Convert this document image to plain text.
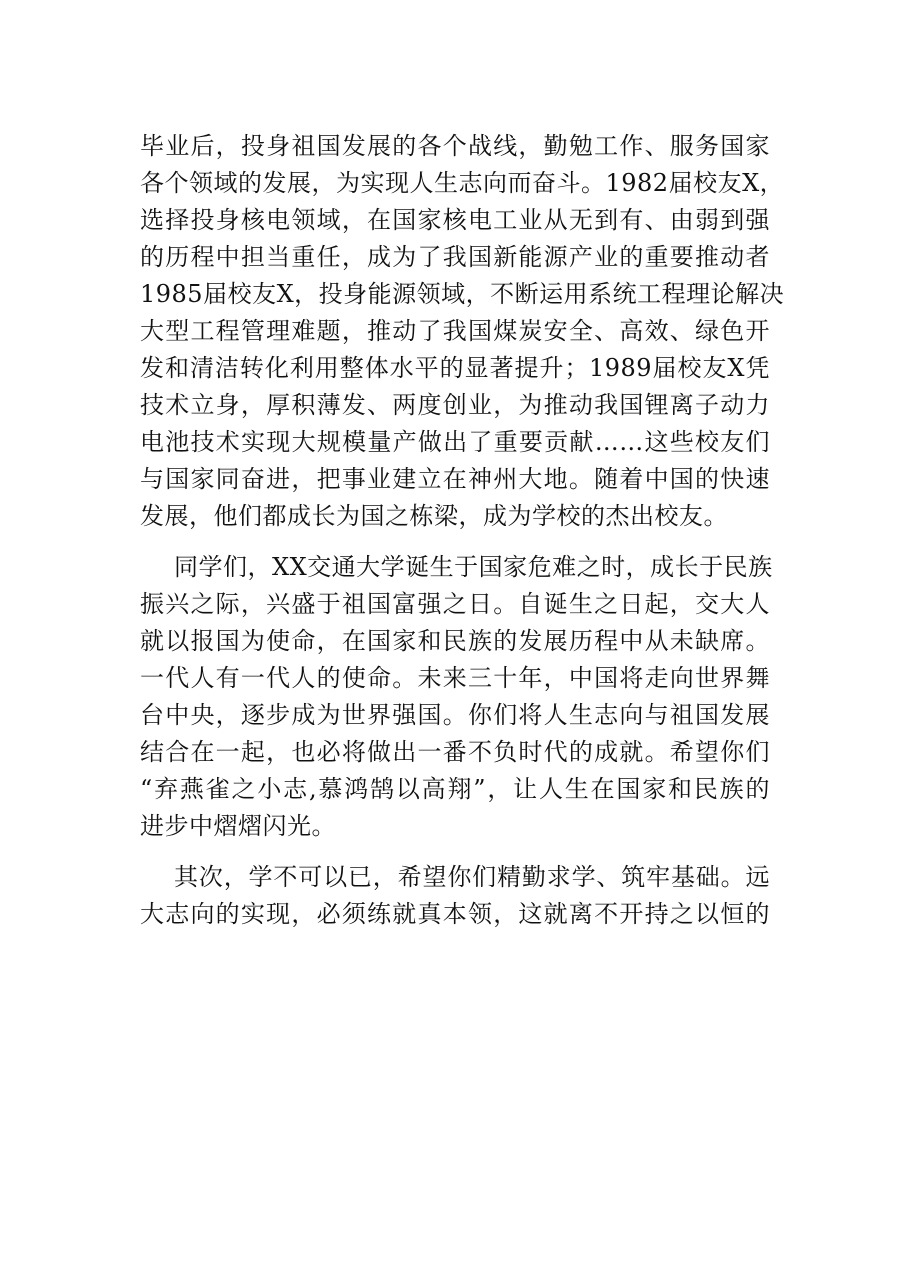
毕业后，投身祖国发展的各个战线，勤勉工作、服务国家
各个领域的发展，为实现人生志向而奋斗。1982届校友X，
选择投身核电领域，在国家核电工业从无到有、由弱到强
的历程中担当重任，成为了我国新能源产业的重要推动者
1985届校友X，投身能源领域，不断运用系统工程理论解决
大型工程管理难题，推动了我国煤炭安全、高效、绿色开
发和清洁转化利用整体水平的显著提升；1989届校友X凭
技术立身，厚积薄发、两度创业，为推动我国锂离子动力
电池技术实现大规模量产做出了重要贡献……这些校友们
与国家同奋进，把事业建立在神州大地。随着中国的快速
发展，他们都成长为国之栋梁，成为学校的杰出校友。
同学们，XX交通大学诞生于国家危难之时，成长于民族
振兴之际，兴盛于祖国富强之日。自诞生之日起，交大人
就以报国为使命，在国家和民族的发展历程中从未缺席。
一代人有一代人的使命。未来三十年，中国将走向世界舞
台中央，逐步成为世界强国。你们将人生志向与祖国发展
结合在一起，也必将做出一番不负时代的成就。希望你们
“弃燕雀之小志,慕鸿鹄以高翔”，让人生在国家和民族的
进步中熠熠闪光。
其次，学不可以已，希望你们精勤求学、筑牢基础。远
大志向的实现，必须练就真本领，这就离不开持之以恒的
